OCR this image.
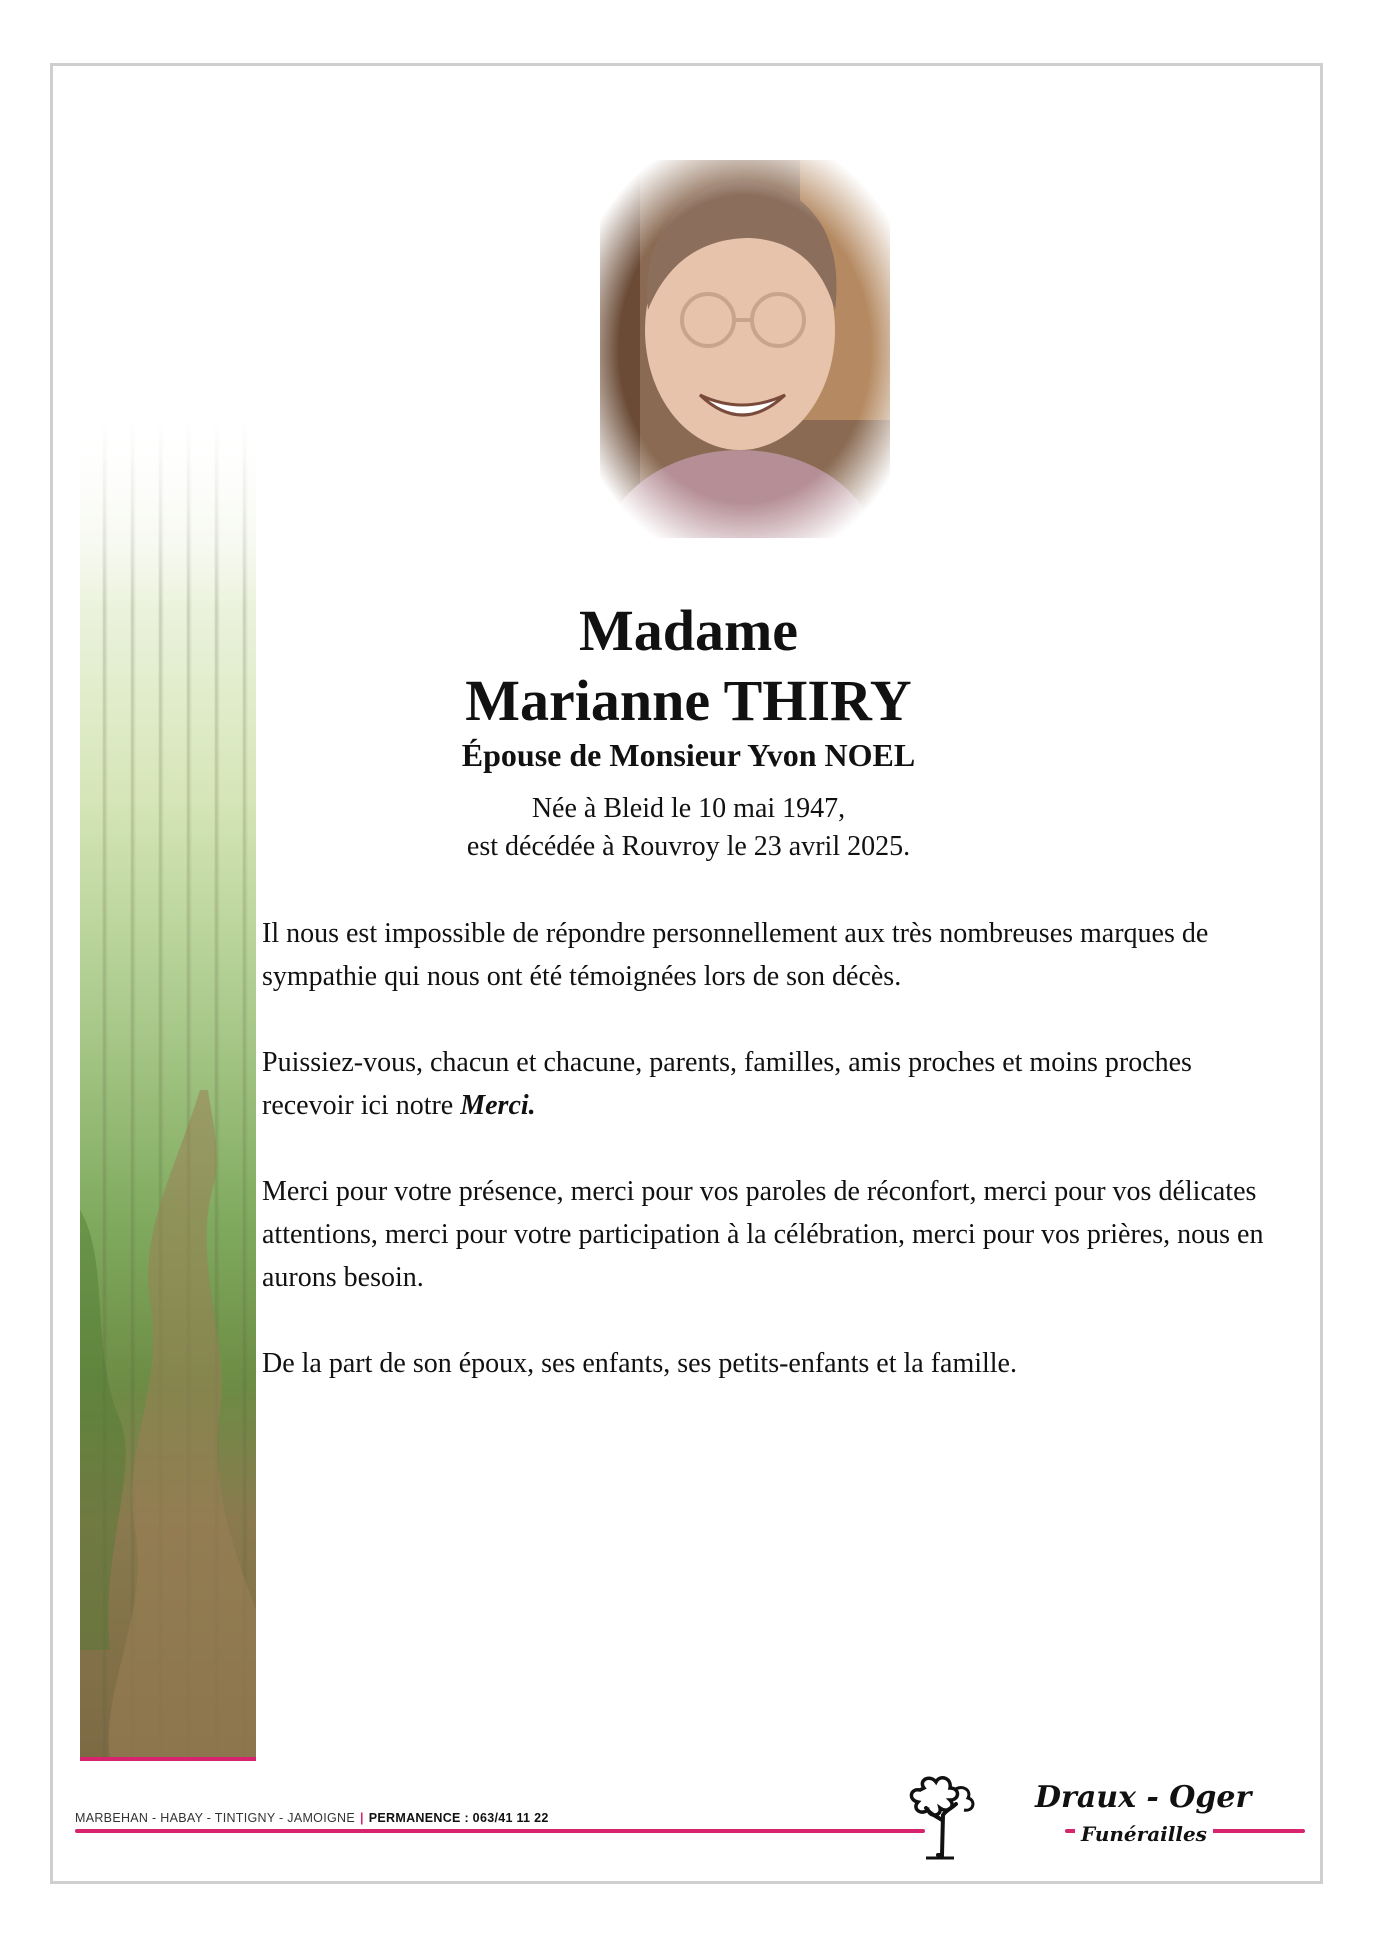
Madame
Marianne THIRY
Épouse de Monsieur Yvon NOEL
Née à Bleid le 10 mai 1947,
est décédée à Rouvroy le 23 avril 2025.

Il nous est impossible de répondre personnellement aux très nombreuses marques de sympathie qui nous ont été témoignées lors de son décès.

Puissiez-vous, chacun et chacune, parents, familles, amis proches et moins proches recevoir ici notre Merci.

Merci pour votre présence, merci pour vos paroles de réconfort, merci pour vos délicates attentions, merci pour votre participation à la célébration, merci pour vos prières, nous en aurons besoin.

De la part de son époux, ses enfants, ses petits-enfants et la famille.

MARBEHAN - HABAY - TINTIGNY - JAMOIGNE | PERMANENCE : 063/41 11 22
Draux - Oger
Funérailles
